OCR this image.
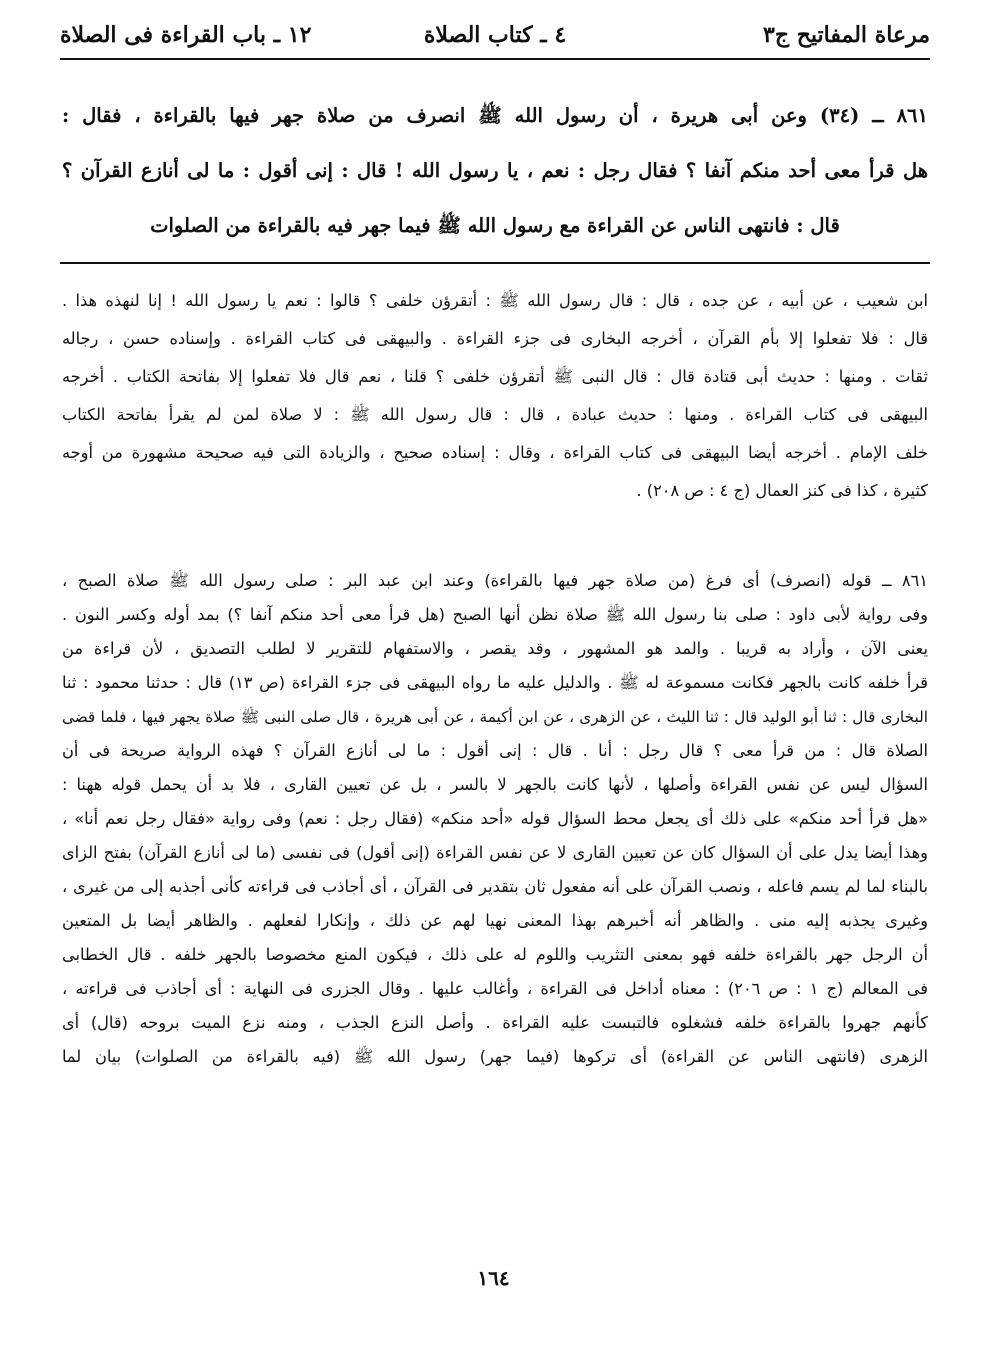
مرعاة المفاتيح ج٣
٤ ـ كتاب الصلاة
١٢ ـ باب القراءة فى الصلاة
٨٦١ ــ (٣٤) وعن أبى هريرة ، أن رسول الله ﷺ انصرف من صلاة جهر فيها بالقراءة ، فقال :
هل قرأ معى أحد منكم آنفا ؟ فقال رجل : نعم ، يا رسول الله ! قال : إنى أقول : ما لى أنازع القرآن ؟
قال : فانتهى الناس عن القراءة مع رسول الله ﷺ فيما جهر فيه بالقراءة من الصلوات
ابن شعيب ، عن أبيه ، عن جده ، قال : قال رسول الله ﷺ : أتقرؤن خلفى ؟ قالوا : نعم يا رسول الله ! إنا لنهذه هذا .
قال : فلا تفعلوا إلا بأم القرآن ، أخرجه البخارى فى جزء القراءة . والبيهقى فى كتاب القراءة . وإسناده حسن ، رجاله
ثقات . ومنها : حديث أبى قتادة قال : قال النبى ﷺ أتقرؤن خلفى ؟ قلنا ، نعم قال فلا تفعلوا إلا بفاتحة الكتاب . أخرجه
البيهقى فى كتاب القراءة . ومنها : حديث عبادة ، قال : قال رسول الله ﷺ : لا صلاة لمن لم يقرأ بفاتحة الكتاب
خلف الإمام . أخرجه أيضا البيهقى فى كتاب القراءة ، وقال : إسناده صحيح ، والزيادة التى فيه صحيحة مشهورة من أوجه
كثيرة ، كذا فى كنز العمال (ج ٤ : ص ٢٠٨) .
٨٦١ ــ قوله (انصرف) أى فرغ (من صلاة جهر فيها بالقراءة) وعند ابن عبد البر : صلى رسول الله ﷺ صلاة الصبح ،
وفى رواية لأبى داود : صلى بنا رسول الله ﷺ صلاة نظن أنها الصبح (هل قرأ معى أحد منكم آنفا ؟) بمد أوله وكسر النون .
يعنى الآن ، وأراد به قريبا . والمد هو المشهور ، وقد يقصر ، والاستفهام للتقرير لا لطلب التصديق ، لأن قراءة من
قرأ خلفه كانت بالجهر فكانت مسموعة له ﷺ . والدليل عليه ما رواه البيهقى فى جزء القراءة (ص ١٣) قال : حدثنا محمود : ثنا
البخارى قال : ثنا أبو الوليد قال : ثنا الليث ، عن الزهرى ، عن ابن أكيمة ، عن أبى هريرة ، قال صلى النبى ﷺ صلاة يجهر فيها ، فلما قضى
الصلاة قال : من قرأ معى ؟ قال رجل : أنا . قال : إنى أقول : ما لى أنازع القرآن ؟ فهذه الرواية صريحة فى أن
السؤال ليس عن نفس القراءة وأصلها ، لأنها كانت بالجهر لا بالسر ، بل عن تعيين القارى ، فلا بد أن يحمل قوله ههنا :
«هل قرأ أحد منكم» على ذلك أى يجعل محط السؤال قوله «أحد منكم» (فقال رجل : نعم) وفى رواية «فقال رجل نعم أنا» ،
وهذا أيضا يدل على أن السؤال كان عن تعيين القارى لا عن نفس القراءة (إنى أقول) فى نفسى (ما لى أنازع القرآن) بفتح الزاى
بالبناء لما لم يسم فاعله ، ونصب القرآن على أنه مفعول ثان بتقدير فى القرآن ، أى أجاذب فى قراءته كأنى أجذبه إلى من غيرى ،
وغيرى يجذبه إليه منى . والظاهر أنه أخبرهم بهذا المعنى نهيا لهم عن ذلك ، وإنكارا لفعلهم . والظاهر أيضا بل المتعين
أن الرجل جهر بالقراءة خلفه فهو بمعنى التثريب واللوم له على ذلك ، فيكون المنع مخصوصا بالجهر خلفه . قال الخطابى
فى المعالم (ج ١ : ص ٢٠٦) : معناه أداخل فى القراءة ، وأغالب عليها . وقال الجزرى فى النهاية : أى أجاذب فى قراءته ،
كأنهم جهروا بالقراءة خلفه فشغلوه فالتبست عليه القراءة . وأصل النزع الجذب ، ومنه نزع الميت بروحه (قال) أى
الزهرى (فانتهى الناس عن القراءة) أى تركوها (فيما جهر) رسول الله ﷺ (فيه بالقراءة من الصلوات) بيان لما
١٦٤
